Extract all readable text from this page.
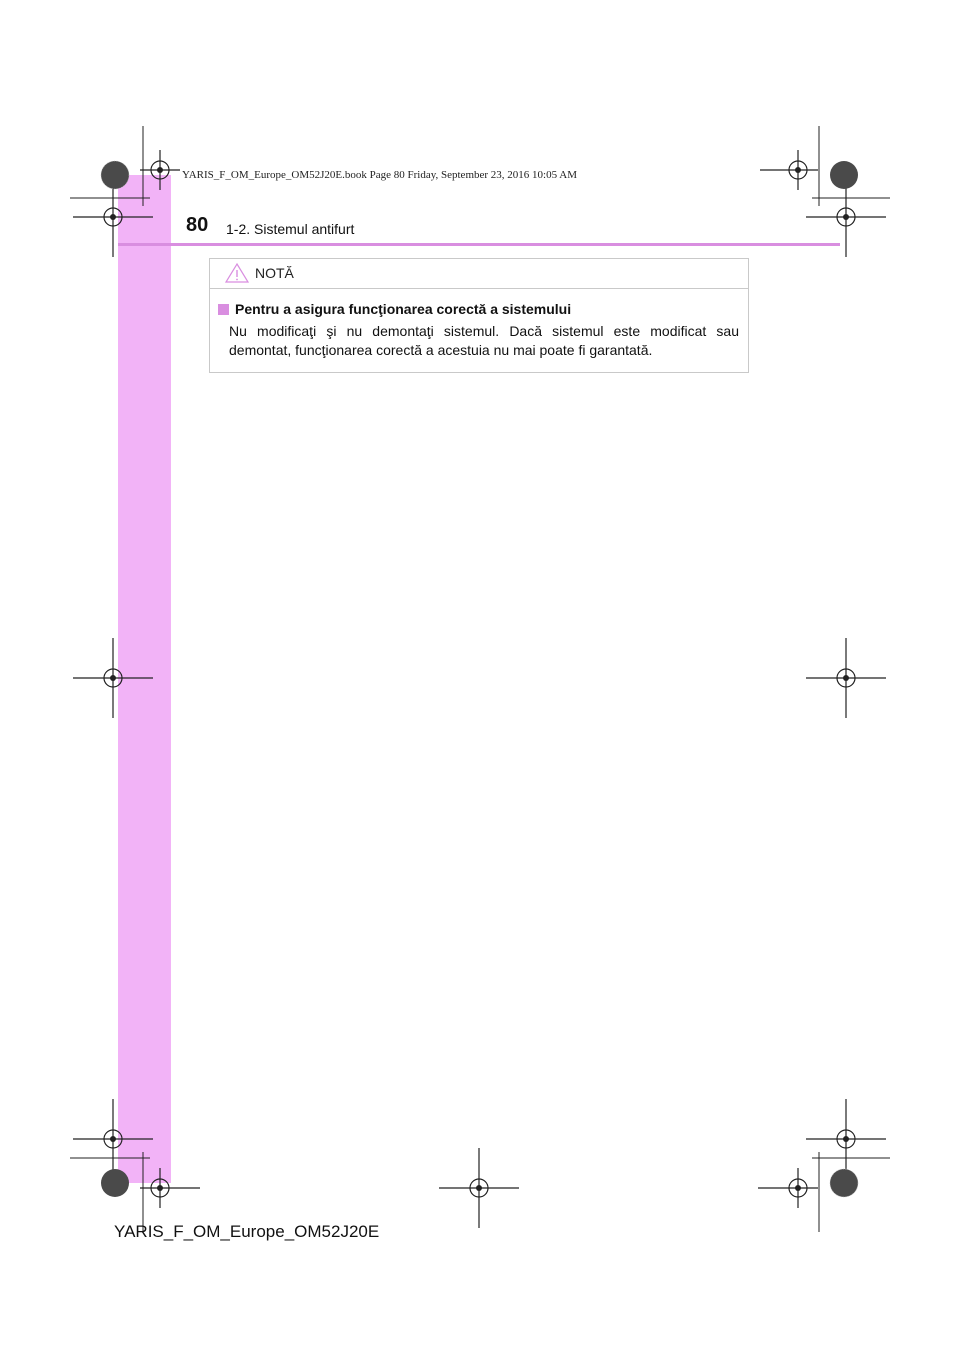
YARIS_F_OM_Europe_OM52J20E.book Page 80 Friday, September 23, 2016 10:05 AM
80 1-2. Sistemul antifurt
NOTĂ
Pentru a asigura funcţionarea corectă a sistemului
Nu modificaţi şi nu demontaţi sistemul. Dacă sistemul este modificat sau demontat, funcţionarea corectă a acestuia nu mai poate fi garantată.
YARIS_F_OM_Europe_OM52J20E
